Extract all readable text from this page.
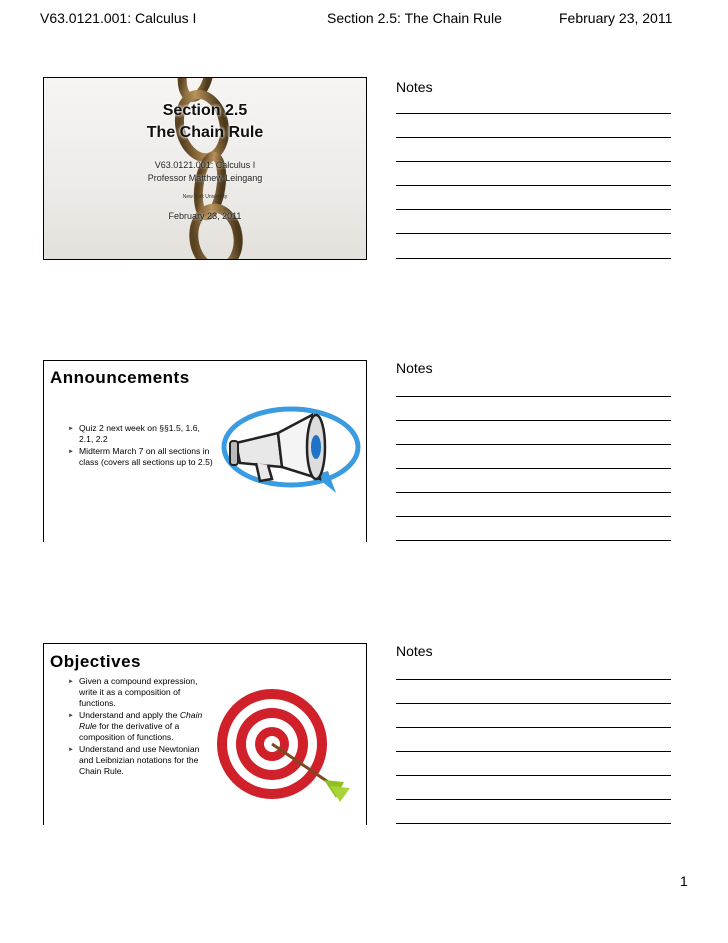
V63.0121.001: Calculus I	Section 2.5: The Chain Rule	February 23, 2011
Section 2.5
The Chain Rule
V63.0121.001: Calculus I
Professor Matthew Leingang
New York University
February 23, 2011
Announcements
► Quiz 2 next week on §§1.5, 1.6, 2.1, 2.2
► Midterm March 7 on all sections in class (covers all sections up to 2.5)
Objectives
► Given a compound expression, write it as a composition of functions.
► Understand and apply the Chain Rule for the derivative of a composition of functions.
► Understand and use Newtonian and Leibnizian notations for the Chain Rule.
Notes
Notes
Notes
1
